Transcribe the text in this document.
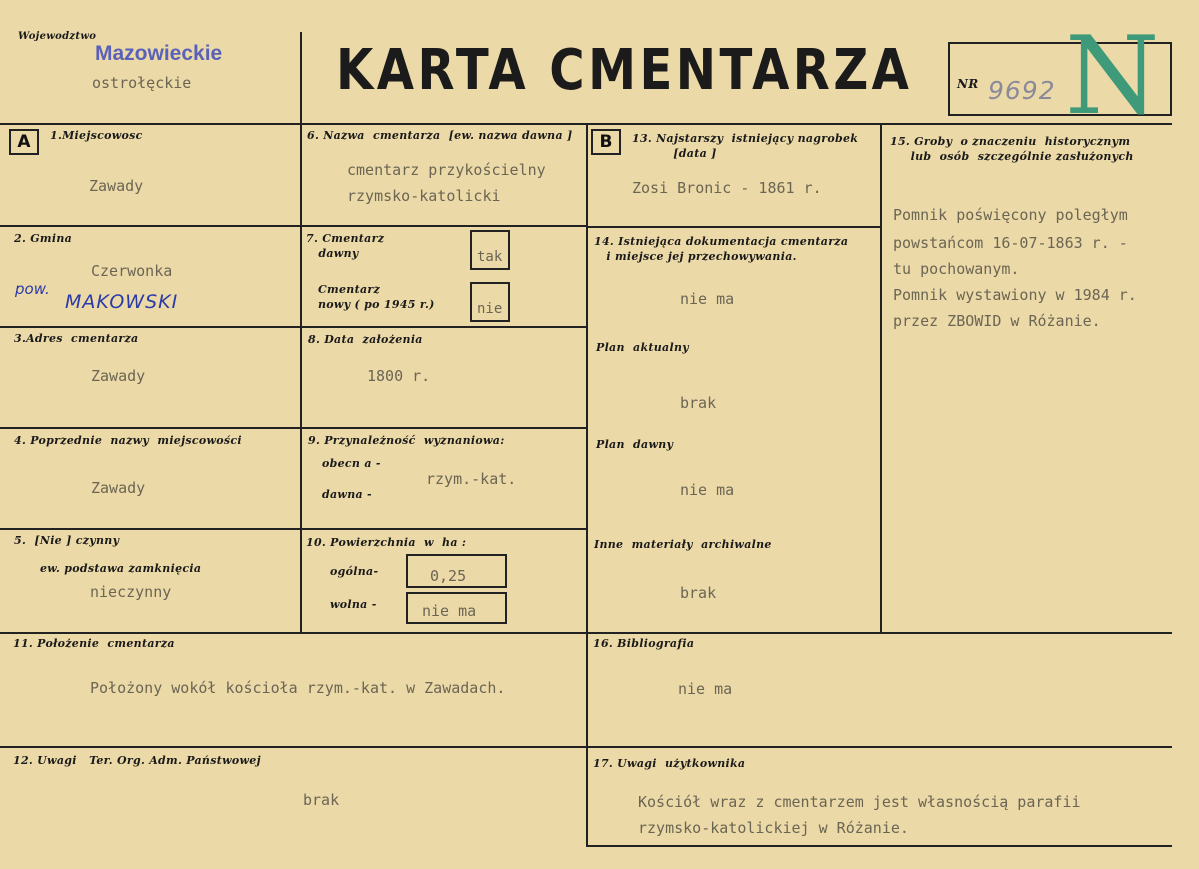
Wojewodztwo
Mazowieckie
ostrołęckie	KARTA CMENTARZA	NR 9692 N
A	B
1.Miejscowosc
Zawady
2. Gmina
Czerwonka
pow.
MAKOWSKI
3.Adres  cmentarza
Zawady
4. Poprzednie  nazwy  miejscowości
Zawady
5.  [Nie ] czynny
ew. podstawa zamknięcia
nieczynny
6. Nazwa  cmentarza  [ew. nazwa dawna ]
cmentarz przykościelny
rzymsko-katolicki
7. Cmentarz
dawny	tak
Cmentarz
nowy ( po 1945 r.)	nie
8. Data  założenia
1800 r.
9. Przynależność  wyznaniowa:
obecn a -
rzym.-kat.
dawna -
10. Powierzchnia  w  ha :
ogólna-	0,25
wolna -	nie ma
13. Najstarszy  istniejący nagrobek
[data ]
Zosi Bronic - 1861 r.
14. Istniejąca dokumentacja cmentarza
i miejsce jej przechowywania.
nie ma
Plan  aktualny
brak
Plan  dawny
nie ma
Inne  materiały  archiwalne
brak
15. Groby  o znaczeniu  historycznym
lub  osób  szczególnie zasłużonych
Pomnik poświęcony poległym
powstańcom 16-07-1863 r. -
tu pochowanym.
Pomnik wystawiony w 1984 r.
przez ZBOWID w Różanie.
11. Położenie  cmentarza
Położony wokół kościoła rzym.-kat. w Zawadach.
16. Bibliografia
nie ma
12. Uwagi   Ter. Org. Adm. Państwowej
brak
17. Uwagi  użytkownika
Kościół wraz z cmentarzem jest własnością parafii
rzymsko-katolickiej w Różanie.
